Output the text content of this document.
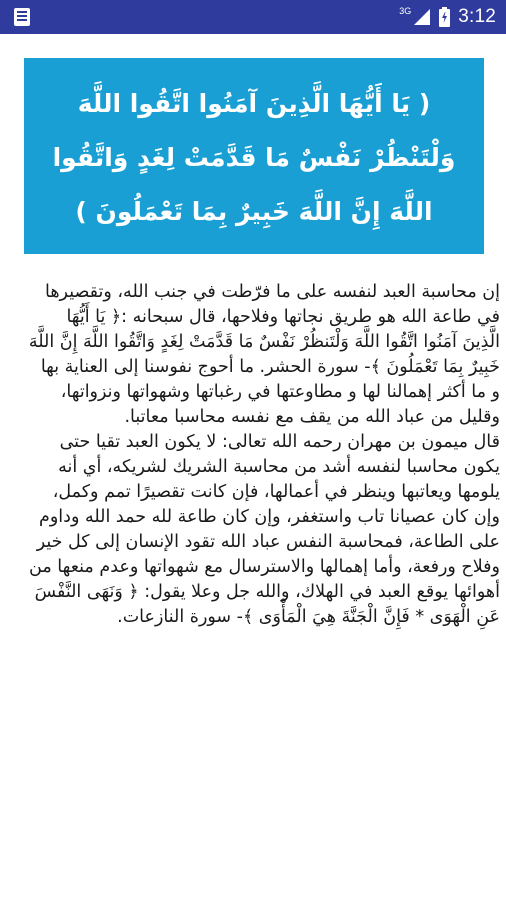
3G 3:12

( يَا أَيُّهَا الَّذِينَ آمَنُوا اتَّقُوا اللَّهَ وَلْتَنْظُرْ نَفْسٌ مَا قَدَّمَتْ لِغَدٍ وَاتَّقُوا اللَّهَ إِنَّ اللَّهَ خَبِيرٌ بِمَا تَعْمَلُونَ )

إن محاسبة العبد لنفسه على ما فرّطت في جنب الله، وتقصيرها في طاعة الله هو طريق نجاتها وفلاحها، قال سبحانه :﴿ يَا أَيُّهَا الَّذِينَ آمَنُوا اتَّقُوا اللَّهَ وَلْتَنظُرْ نَفْسٌ مَا قَدَّمَتْ لِغَدٍ وَاتَّقُوا اللَّهَ إِنَّ اللَّهَ خَبِيرٌ بِمَا تَعْمَلُونَ ﴾- سورة الحشر. ما أحوج نفوسنا إلى العناية بها و ما أكثر إهمالنا لها و مطاوعتها في رغباتها وشهواتها ونزواتها، وقليل من عباد الله من يقف مع نفسه محاسبا معاتبا.

قال ميمون بن مهران رحمه الله تعالى: لا يكون العبد تقيا حتى يكون محاسبا لنفسه أشد من محاسبة الشريك لشريكه، أي أنه يلومها ويعاتبها وينظر في أعمالها، فإن كانت تقصيرًا تمم وكمل، وإن كان عصيانا تاب واستغفر، وإن كان طاعة لله حمد الله وداوم على الطاعة، فمحاسبة النفس عباد الله تقود الإنسان إلى كل خير وفلاح ورفعة، وأما إهمالها والاسترسال مع شهواتها وعدم منعها من أهوائها يوقع العبد في الهلاك، والله جل وعلا يقول: ﴿ وَنَهَى النَّفْسَ عَنِ الْهَوَى * فَإِنَّ الْجَنَّةَ هِيَ الْمَأْوَى ﴾- سورة النازعات.
